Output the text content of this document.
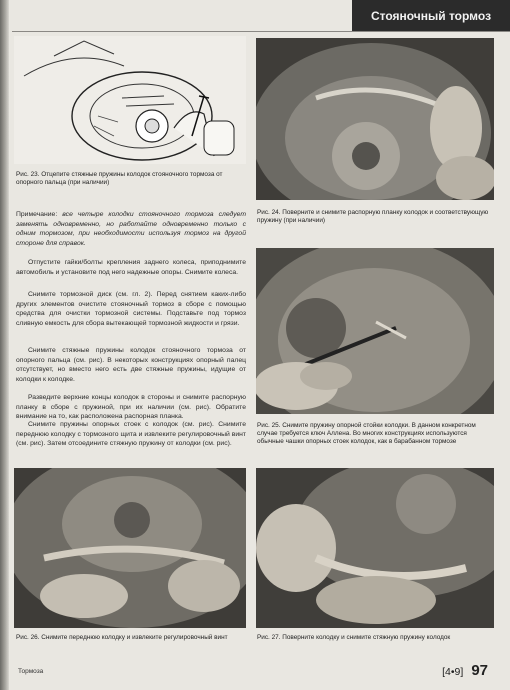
Стояночный тормоз
Рис. 23. Отцепите стяжные пружины колодок стояночного тормоза от опорного пальца (при наличии)
Рис. 24. Поверните и снимите распорную планку колодок и соответствующую пружину (при наличии)
Примечание: все четыре колодки стояночного тормоза следует заменять одновременно, но работайте одновременно только с одним тормозом, при необходимости используя тормоз на другой стороне для справок.
Отпустите гайки/болты крепления заднего колеса, приподнимите автомобиль и установите под него надежные опоры. Снимите колеса.
Снимите тормозной диск (см. гл. 2). Перед снятием каких-либо других элементов очистите стояночный тормоз в сборе с помощью средства для очистки тормозной системы. Подставьте под тормоз сливную емкость для сбора вытекающей тормозной жидкости и грязи.
Снимите стяжные пружины колодок стояночного тормоза от опорного пальца (см. рис). В некоторых конструкциях опорный палец отсутствует, но вместо него есть две стяжные пружины, идущие от колодки к колодке.
Разведите верхние концы колодок в стороны и снимите распорную планку в сборе с пружиной, при их наличии (см. рис). Обратите внимание на то, как расположена распорная планка.
Снимите пружины опорных стоек с колодок (см. рис). Снимите переднюю колодку с тормозного щита и извлеките регулировочный винт (см. рис). Затем отсоедините стяжную пружину от колодки (см. рис).
Рис. 25. Снимите пружину опорной стойки колодки. В данном конкретном случае требуется ключ Аллена. Во многих конструкциях используются обычные чашки опорных стоек колодок, как в барабанном тормозе
Рис. 26. Снимите переднюю колодку и извлеките регулировочный винт	Рис. 27. Поверните колодку и снимите стяжную пружину колодок
Тормоза	[4•9] 97
